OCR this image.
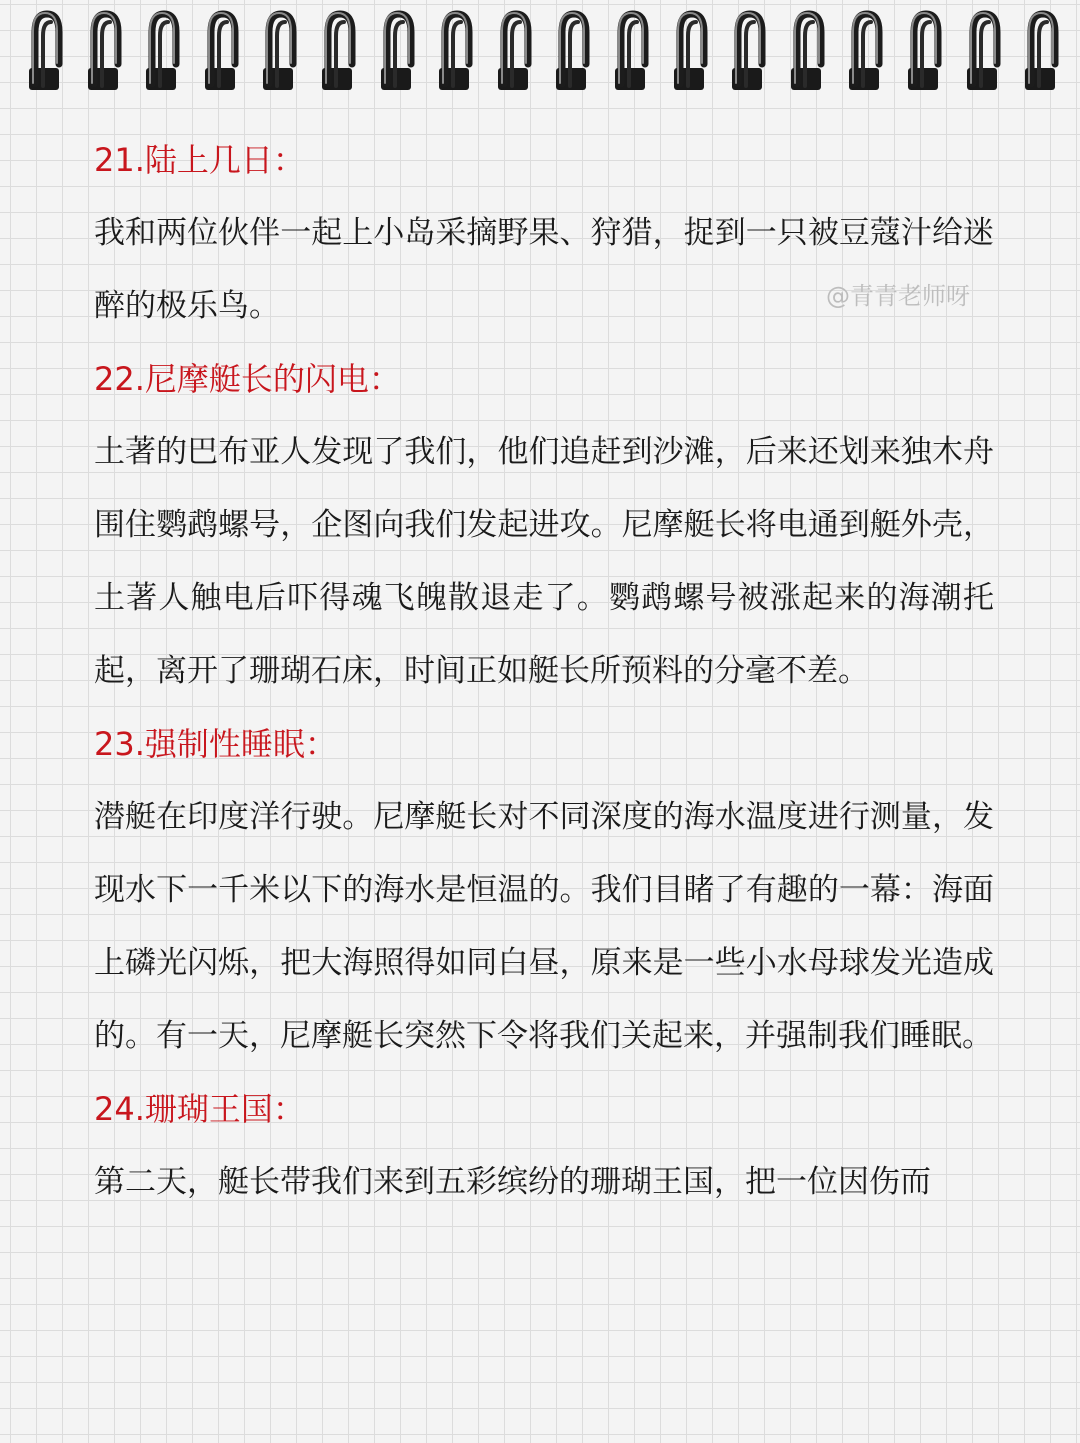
@青青老师呀

21.陆上几日：

我和两位伙伴一起上小岛采摘野果、狩猎，捉到一只被豆蔻汁给迷醉的极乐鸟。

22.尼摩艇长的闪电：

土著的巴布亚人发现了我们，他们追赶到沙滩，后来还划来独木舟围住鹦鹉螺号，企图向我们发起进攻。尼摩艇长将电通到艇外壳，土著人触电后吓得魂飞魄散退走了。鹦鹉螺号被涨起来的海潮托起，离开了珊瑚石床，时间正如艇长所预料的分毫不差。

23.强制性睡眠：

潜艇在印度洋行驶。尼摩艇长对不同深度的海水温度进行测量，发现水下一千米以下的海水是恒温的。我们目睹了有趣的一幕：海面上磷光闪烁，把大海照得如同白昼，原来是一些小水母球发光造成的。有一天，尼摩艇长突然下令将我们关起来，并强制我们睡眠。

24.珊瑚王国：

第二天，艇长带我们来到五彩缤纷的珊瑚王国，把一位因伤而
